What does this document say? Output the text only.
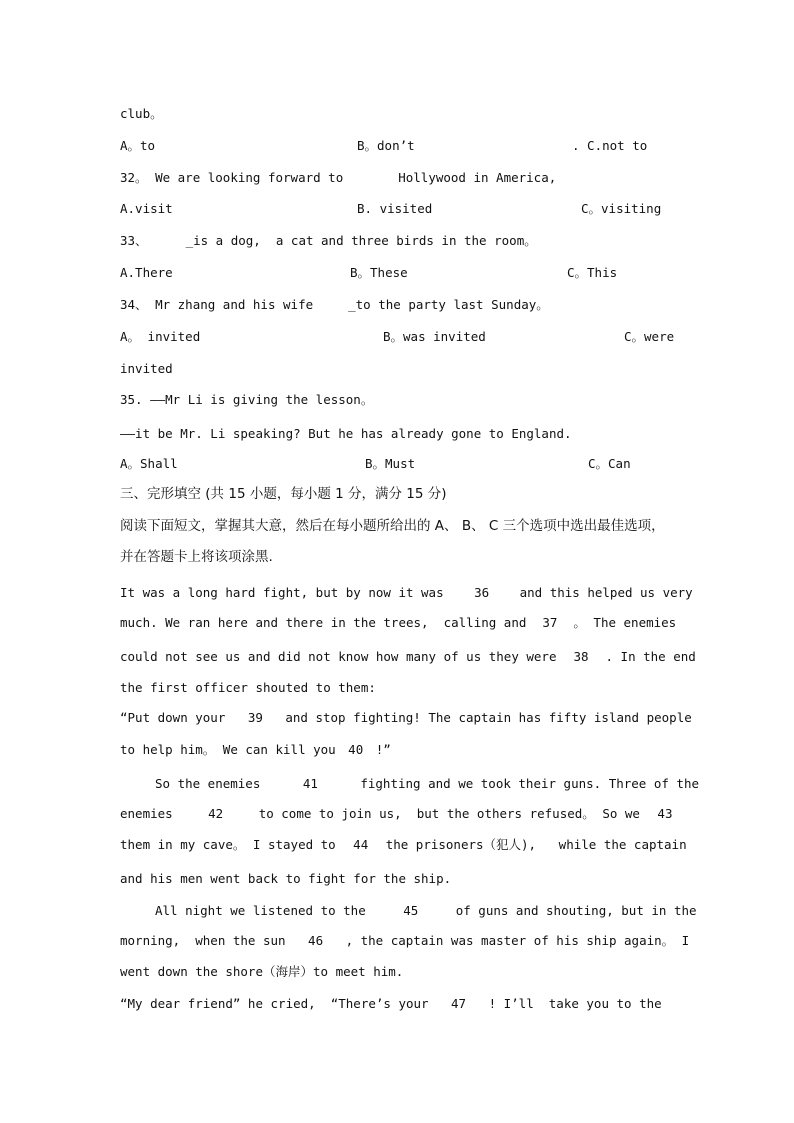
club。
A。to	B。don’t	. C.not to
32。 We are looking forward to	Hollywood in America,
A.visit	B. visited	C。visiting
33、	_is a dog,  a cat and three birds in the room。
A.There	B。These	C。This
34、 Mr zhang and his wife	_to the party last Sunday。
A。 invited	B。was invited	C。were
invited
35. ——Mr Li is giving the lesson。
——it be Mr. Li speaking? But he has already gone to England.
A。Shall	B。Must	C。Can
三、完形填空 (共 15 小题，每小题 1 分，满分 15 分)
阅读下面短文，掌握其大意，然后在每小题所给出的 A、 B、 C 三个选项中选出最佳选项，
并在答题卡上将该项涂黑.
It was a long hard fight, but by now it was 36 and this helped us very
much. We ran here and there in the trees,  calling and 37 。 The enemies
could not see us and did not know how many of us they were 38 . In the end
the first officer shouted to them:
“Put down your 39 and stop fighting! The captain has fifty island people
to help him。 We can kill you 40 !”
So the enemies	41	fighting and we took their guns. Three of the
enemies	42	to come to join us,  but the others refused。 So we 43
them in my cave。 I stayed to 44 the prisoners（犯人),   while the captain
and his men went back to fight for the ship.
All night we listened to the	45	of guns and shouting, but in the
morning,  when the sun 46 , the captain was master of his ship again。 I
went down the shore（海岸）to meet him.
“My dear friend” he cried,  “There’s your 47 ! I’ll  take you to the
